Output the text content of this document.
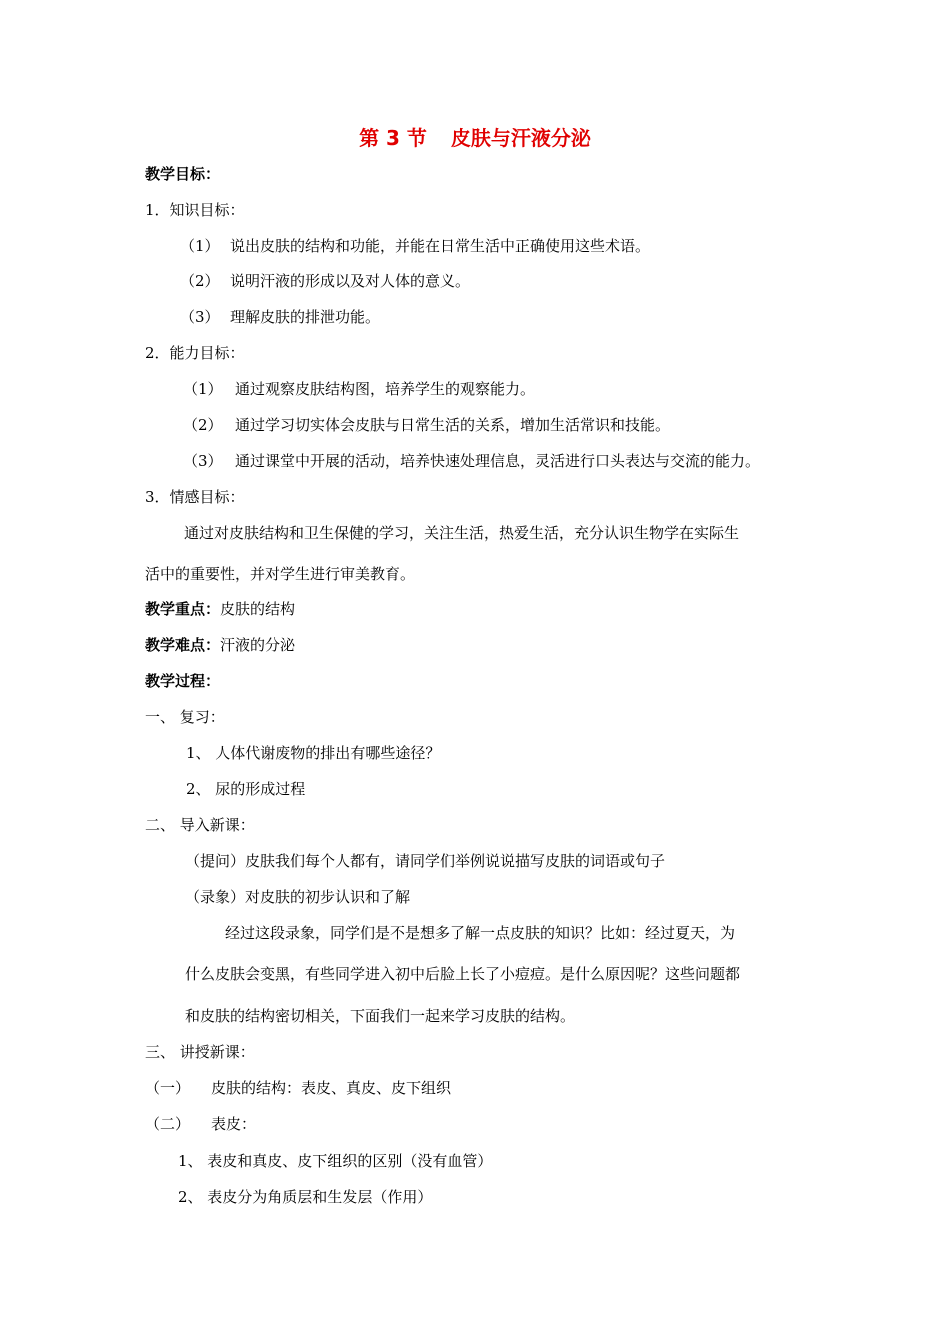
第 3 节 皮肤与汗液分泌
教学目标：
1．知识目标：
（1） 说出皮肤的结构和功能，并能在日常生活中正确使用这些术语。
（2） 说明汗液的形成以及对人体的意义。
（3） 理解皮肤的排泄功能。
2．能力目标：
（1） 通过观察皮肤结构图，培养学生的观察能力。
（2） 通过学习切实体会皮肤与日常生活的关系，增加生活常识和技能。
（3） 通过课堂中开展的活动，培养快速处理信息，灵活进行口头表达与交流的能力。
3．情感目标：
通过对皮肤结构和卫生保健的学习，关注生活，热爱生活，充分认识生物学在实际生
活中的重要性，并对学生进行审美教育。
教学重点：皮肤的结构
教学难点：汗液的分泌
教学过程：
一、 复习：
1、 人体代谢废物的排出有哪些途径？
2、 尿的形成过程
二、 导入新课：
（提问）皮肤我们每个人都有，请同学们举例说说描写皮肤的词语或句子
（录象）对皮肤的初步认识和了解
经过这段录象，同学们是不是想多了解一点皮肤的知识？比如：经过夏天，为
什么皮肤会变黑，有些同学进入初中后脸上长了小痘痘。是什么原因呢？这些问题都
和皮肤的结构密切相关，下面我们一起来学习皮肤的结构。
三、 讲授新课：
（一） 皮肤的结构：表皮、真皮、皮下组织
（二） 表皮：
1、 表皮和真皮、皮下组织的区别（没有血管）
2、 表皮分为角质层和生发层（作用）
